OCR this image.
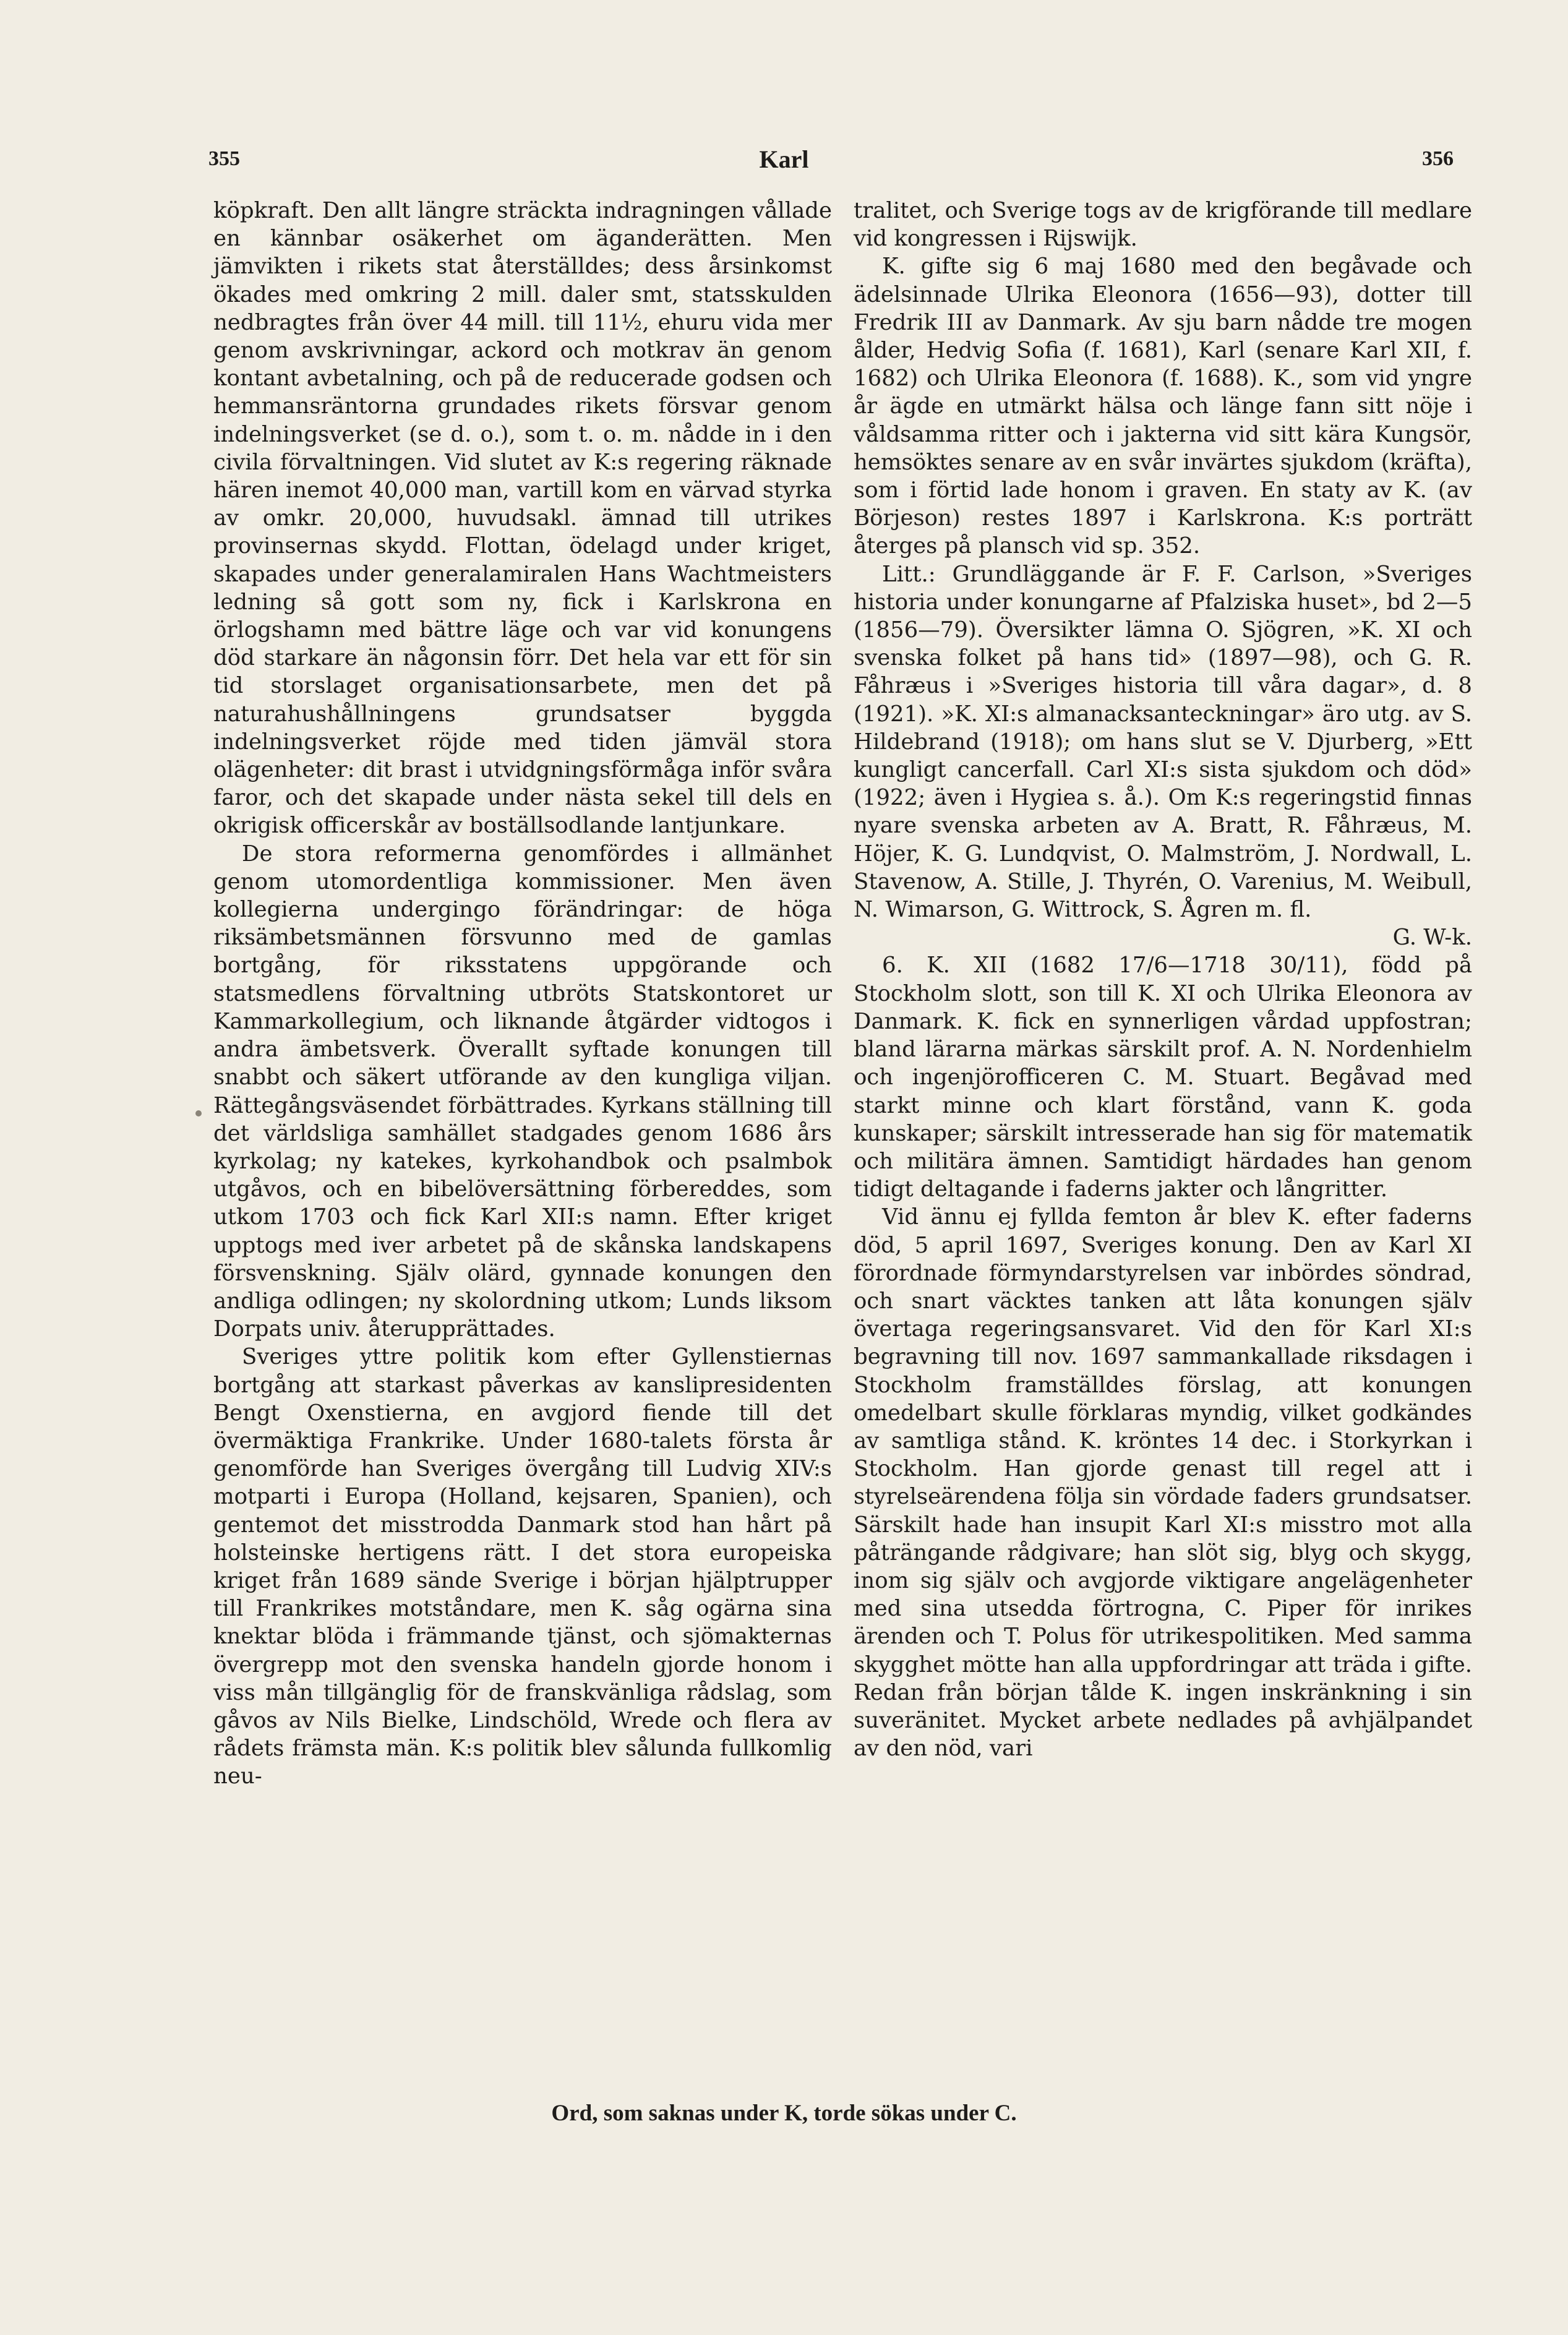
355	Karl	356

köpkraft. Den allt längre sträckta indragningen vållade en kännbar osäkerhet om äganderätten. Men jämvikten i rikets stat återställdes; dess årsinkomst ökades med omkring 2 mill. daler smt, statsskulden nedbragtes från över 44 mill. till 11½, ehuru vida mer genom avskrivningar, ackord och motkrav än genom kontant avbetalning, och på de reducerade godsen och hemmansräntorna grundades rikets försvar genom indelningsverket (se d. o.), som t. o. m. nådde in i den civila förvaltningen. Vid slutet av K:s regering räknade hären inemot 40,000 man, vartill kom en värvad styrka av omkr. 20,000, huvudsakl. ämnad till utrikes provinsernas skydd. Flottan, ödelagd under kriget, skapades under generalamiralen Hans Wachtmeisters ledning så gott som ny, fick i Karlskrona en örlogshamn med bättre läge och var vid konungens död starkare än någonsin förr. Det hela var ett för sin tid storslaget organisationsarbete, men det på naturahushållningens grundsatser byggda indelningsverket röjde med tiden jämväl stora olägenheter: dit brast i utvidgningsförmåga inför svåra faror, och det skapade under nästa sekel till dels en okrigisk officerskår av boställsodlande lantjunkare.

De stora reformerna genomfördes i allmänhet genom utomordentliga kommissioner. Men även kollegierna undergingo förändringar: de höga riksämbetsmännen försvunno med de gamlas bortgång, för riksstatens uppgörande och statsmedlens förvaltning utbröts Statskontoret ur Kammarkollegium, och liknande åtgärder vidtogos i andra ämbetsverk. Överallt syftade konungen till snabbt och säkert utförande av den kungliga viljan. Rättegångsväsendet förbättrades. Kyrkans ställning till det världsliga samhället stadgades genom 1686 års kyrkolag; ny katekes, kyrkohandbok och psalmbok utgåvos, och en bibelöversättning förbereddes, som utkom 1703 och fick Karl XII:s namn. Efter kriget upptogs med iver arbetet på de skånska landskapens försvenskning. Själv olärd, gynnade konungen den andliga odlingen; ny skolordning utkom; Lunds liksom Dorpats univ. återupprättades.

Sveriges yttre politik kom efter Gyllenstiernas bortgång att starkast påverkas av kanslipresidenten Bengt Oxenstierna, en avgjord fiende till det övermäktiga Frankrike. Under 1680-talets första år genomförde han Sveriges övergång till Ludvig XIV:s motparti i Europa (Holland, kejsaren, Spanien), och gentemot det misstrodda Danmark stod han hårt på holsteinske hertigens rätt. I det stora europeiska kriget från 1689 sände Sverige i början hjälptrupper till Frankrikes motståndare, men K. såg ogärna sina knektar blöda i främmande tjänst, och sjömakternas övergrepp mot den svenska handeln gjorde honom i viss mån tillgänglig för de franskvänliga rådslag, som gåvos av Nils Bielke, Lindschöld, Wrede och flera av rådets främsta män. K:s politik blev sålunda fullkomlig neu-

tralitet, och Sverige togs av de krigförande till medlare vid kongressen i Rijswijk.

K. gifte sig 6 maj 1680 med den begåvade och ädelsinnade Ulrika Eleonora (1656—93), dotter till Fredrik III av Danmark. Av sju barn nådde tre mogen ålder, Hedvig Sofia (f. 1681), Karl (senare Karl XII, f. 1682) och Ulrika Eleonora (f. 1688). K., som vid yngre år ägde en utmärkt hälsa och länge fann sitt nöje i våldsamma ritter och i jakterna vid sitt kära Kungsör, hemsöktes senare av en svår invärtes sjukdom (kräfta), som i förtid lade honom i graven. En staty av K. (av Börjeson) restes 1897 i Karlskrona. K:s porträtt återges på plansch vid sp. 352.

Litt.: Grundläggande är F. F. Carlson, »Sveriges historia under konungarne af Pfalziska huset», bd 2—5 (1856—79). Översikter lämna O. Sjögren, »K. XI och svenska folket på hans tid» (1897—98), och G. R. Fåhræus i »Sveriges historia till våra dagar», d. 8 (1921). »K. XI:s almanacksanteckningar» äro utg. av S. Hildebrand (1918); om hans slut se V. Djurberg, »Ett kungligt cancerfall. Carl XI:s sista sjukdom och död» (1922; även i Hygiea s. å.). Om K:s regeringstid finnas nyare svenska arbeten av A. Bratt, R. Fåhræus, M. Höjer, K. G. Lundqvist, O. Malmström, J. Nordwall, L. Stavenow, A. Stille, J. Thyrén, O. Varenius, M. Weibull, N. Wimarson, G. Wittrock, S. Ågren m. fl.

G. W-k.

6. K. XII (1682 17/6—1718 30/11), född på Stockholm slott, son till K. XI och Ulrika Eleonora av Danmark. K. fick en synnerligen vårdad uppfostran; bland lärarna märkas särskilt prof. A. N. Nordenhielm och ingenjörofficeren C. M. Stuart. Begåvad med starkt minne och klart förstånd, vann K. goda kunskaper; särskilt intresserade han sig för matematik och militära ämnen. Samtidigt härdades han genom tidigt deltagande i faderns jakter och långritter.

Vid ännu ej fyllda femton år blev K. efter faderns död, 5 april 1697, Sveriges konung. Den av Karl XI förordnade förmyndarstyrelsen var inbördes söndrad, och snart väcktes tanken att låta konungen själv övertaga regeringsansvaret. Vid den för Karl XI:s begravning till nov. 1697 sammankallade riksdagen i Stockholm framställdes förslag, att konungen omedelbart skulle förklaras myndig, vilket godkändes av samtliga stånd. K. kröntes 14 dec. i Storkyrkan i Stockholm. Han gjorde genast till regel att i styrelseärendena följa sin vördade faders grundsatser. Särskilt hade han insupit Karl XI:s misstro mot alla påträngande rådgivare; han slöt sig, blyg och skygg, inom sig själv och avgjorde viktigare angelägenheter med sina utsedda förtrogna, C. Piper för inrikes ärenden och T. Polus för utrikespolitiken. Med samma skygghet mötte han alla uppfordringar att träda i gifte. Redan från början tålde K. ingen inskränkning i sin suveränitet. Mycket arbete nedlades på avhjälpandet av den nöd, vari

Ord, som saknas under K, torde sökas under C.
